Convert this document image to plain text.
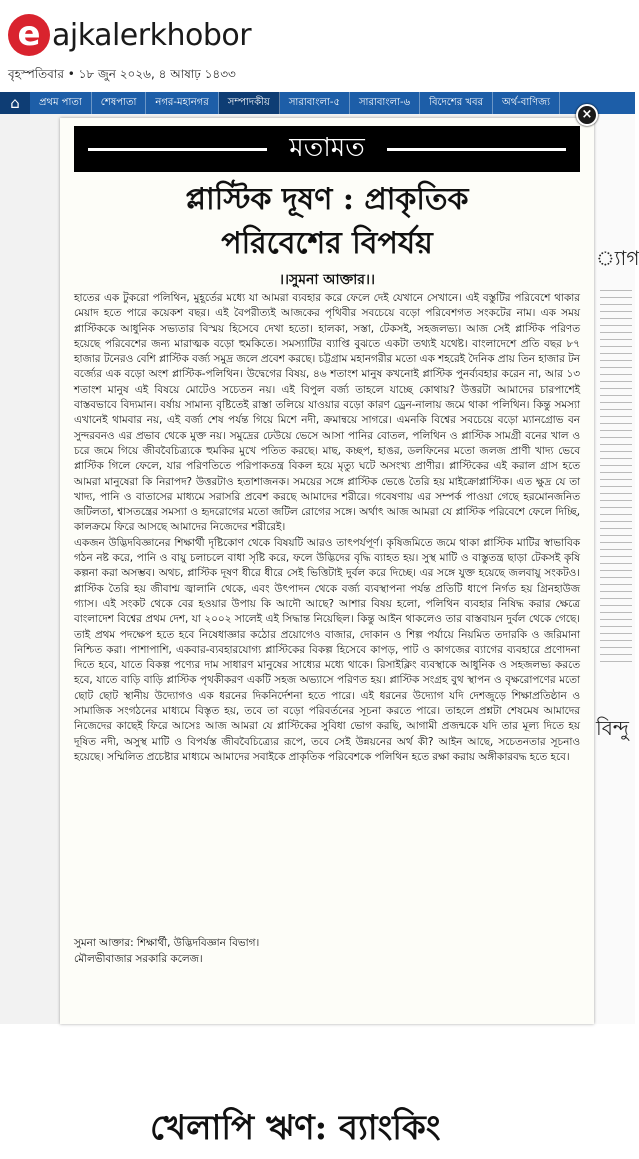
e ajkalerkhobor
বৃহস্পতিবার • ১৮ জুন ২০২৬, ৪ আষাঢ় ১৪৩৩
⌂	প্রথম পাতা	শেষপাতা	নগর-মহানগর	সম্পাদকীয়	সারাবাংলা-৫	সারাবাংলা-৬	বিদেশের খবর	অর্থ-বাণিজ্য
্যাগ
বিন্দু
মতামত
প্লাস্টিক দূষণ : প্রাকৃতিক
পরিবেশের বিপর্যয়
।।সুমনা আক্তার।।

হাতের এক টুকরো পলিথিন, মুহূর্তের মধ্যে যা আমরা ব্যবহার করে ফেলে দেই যেখানে সেখানে। এই বস্তুটির পরিবেশে থাকার মেয়াদ হতে পারে কয়েকশ বছর। এই বৈপরীত্যই আজকের পৃথিবীর সবচেয়ে বড়ো পরিবেশগত সংকটের নাম। এক সময় প্লাস্টিককে আধুনিক সভ্যতার বিস্ময় হিসেবে দেখা হতো। হালকা, সস্তা, টেকসই, সহজলভ্য। আজ সেই প্লাস্টিক পরিণত হয়েছে পরিবেশের জন্য মারাত্মক বড়ো হুমকিতে। সমস্যাটির ব্যাপ্তি বুঝতে একটা তথ্যই যথেষ্ট। বাংলাদেশে প্রতি বছর ৮৭ হাজার টনেরও বেশি প্লাস্টিক বর্জ্য সমুদ্র জলে প্রবেশ করছে। চট্টগ্রাম মহানগরীর মতো এক শহরেই দৈনিক প্রায় তিন হাজার টন বর্জ্যের এক বড়ো অংশ প্লাস্টিক-পলিথিন। উদ্বেগের বিষয়, ৪৬ শতাংশ মানুষ কখনোই প্লাস্টিক পুনর্ব্যবহার করেন না, আর ১৩ শতাংশ মানুষ এই বিষয়ে মোটেও সচেতন নয়। এই বিপুল বর্জ্য তাহলে যাচ্ছে কোথায়? উত্তরটা আমাদের চারপাশেই বাস্তবভাবে বিদ্যমান। বর্ষায় সামান্য বৃষ্টিতেই রাস্তা তলিয়ে যাওয়ার বড়ো কারণ ড্রেন-নালায় জমে থাকা পলিথিন। কিন্তু সমস্যা এখানেই থামবার নয়, এই বর্জ্য শেষ পর্যন্ত গিয়ে মিশে নদী, ক্রমান্বয়ে সাগরে। এমনকি বিশ্বের সবচেয়ে বড়ো ম্যানগ্রোভ বন সুন্দরবনও এর প্রভাব থেকে মুক্ত নয়। সমুদ্রের ঢেউয়ে ভেসে আসা পানির বোতল, পলিথিন ও প্লাস্টিক সামগ্রী বনের খাল ও চরে জমে গিয়ে জীববৈচিত্র্যকে হুমকির মুখে পতিত করছে। মাছ, কচ্ছপ, হাঙর, ডলফিনের মতো জলজ প্রাণী খাদ্য ভেবে প্লাস্টিক গিলে ফেলে, যার পরিণতিতে পরিপাকতন্ত্র বিকল হয়ে মৃত্যু ঘটে অসংখ্য প্রাণীর। প্লাস্টিকের এই করাল গ্রাস হতে আমরা মানুষেরা কি নিরাপদ? উত্তরটাও হতাশাজনক। সময়ের সঙ্গে প্লাস্টিক ভেঙে তৈরি হয় মাইক্রোপ্লাস্টিক। এত ক্ষুদ্র যে তা খাদ্য, পানি ও বাতাসের মাধ্যমে সরাসরি প্রবেশ করছে আমাদের শরীরে। গবেষণায় এর সম্পর্ক পাওয়া গেছে হরমোনজনিত জটিলতা, শ্বাসতন্ত্রের সমস্যা ও হৃদরোগের মতো জটিল রোগের সঙ্গে। অর্থাৎ আজ আমরা যে প্লাস্টিক পরিবেশে ফেলে দিচ্ছি, কালক্রমে ফিরে আসছে আমাদের নিজেদের শরীরেই।

একজন উদ্ভিদবিজ্ঞানের শিক্ষার্থী দৃষ্টিকোণ থেকে বিষয়টি আরও তাৎপর্যপূর্ণ। কৃষিজমিতে জমে থাকা প্লাস্টিক মাটির স্বাভাবিক গঠন নষ্ট করে, পানি ও বায়ু চলাচলে বাধা সৃষ্টি করে, ফলে উদ্ভিদের বৃদ্ধি ব্যাহত হয়। সুস্থ মাটি ও বাস্তুতন্ত্র ছাড়া টেকসই কৃষি কল্পনা করা অসম্ভব। অথচ, প্লাস্টিক দূষণ ধীরে ধীরে সেই ভিত্তিটাই দুর্বল করে দিচ্ছে। এর সঙ্গে যুক্ত হয়েছে জলবায়ু সংকটও। প্লাস্টিক তৈরি হয় জীবাশ্ম জ্বালানি থেকে, এবং উৎপাদন থেকে বর্জ্য ব্যবস্থাপনা পর্যন্ত প্রতিটি ধাপে নির্গত হয় গ্রিনহাউজ গ্যাস। এই সংকট থেকে বের হওয়ার উপায় কি আদৌ আছে? আশার বিষয় হলো, পলিথিন ব্যবহার নিষিদ্ধ করার ক্ষেত্রে বাংলাদেশ বিশ্বের প্রথম দেশ, যা ২০০২ সালেই এই সিদ্ধান্ত নিয়েছিল। কিন্তু আইন থাকলেও তার বাস্তবায়ন দুর্বল থেকে গেছে। তাই প্রথম পদক্ষেপ হতে হবে নিষেধাজ্ঞার কঠোর প্রয়োগেও বাজার, দোকান ও শিল্প পর্যায়ে নিয়মিত তদারকি ও জরিমানা নিশ্চিত করা। পাশাপাশি, একবার-ব্যবহারযোগ্য প্লাস্টিকের বিকল্প হিসেবে কাপড়, পাট ও কাগজের ব্যাগের ব্যবহারে প্রণোদনা দিতে হবে, যাতে বিকল্প পণ্যের দাম সাধারণ মানুষের সাধ্যের মধ্যে থাকে। রিসাইক্লিং ব্যবস্থাকে আধুনিক ও সহজলভ্য করতে হবে, যাতে বাড়ি বাড়ি প্লাস্টিক পৃথকীকরণ একটি সহজ অভ্যাসে পরিণত হয়। প্লাস্টিক সংগ্রহ বুথ স্থাপন ও বৃক্ষরোপণের মতো ছোট ছোট স্থানীয় উদ্যোগও এক ধরনের দিকনির্দেশনা হতে পারে। এই ধরনের উদ্যোগ যদি দেশজুড়ে শিক্ষাপ্রতিষ্ঠান ও সামাজিক সংগঠনের মাধ্যমে বিস্তৃত হয়, তবে তা বড়ো পরিবর্তনের সূচনা করতে পারে। তাহলে প্রশ্নটা শেষমেষ আমাদের নিজেদের কাছেই ফিরে আসেঃ আজ আমরা যে প্লাস্টিকের সুবিধা ভোগ করছি, আগামী প্রজন্মকে যদি তার মূল্য দিতে হয় দূষিত নদী, অসুস্থ মাটি ও বিপর্যস্ত জীববৈচিত্র্যের রূপে, তবে সেই উন্নয়নের অর্থ কী? আইন আছে, সচেতনতার সূচনাও হয়েছে। সম্মিলিত প্রচেষ্টার মাধ্যমে আমাদের সবাইকে প্রাকৃতিক পরিবেশকে পলিথিন হতে রক্ষা করায় অঙ্গীকারবদ্ধ হতে হবে।

সুমনা আক্তার: শিক্ষার্থী, উদ্ভিদবিজ্ঞান বিভাগ।
মৌলভীবাজার সরকারি কলেজ।
খেলাপি ঋণ: ব্যাংকিং
×
